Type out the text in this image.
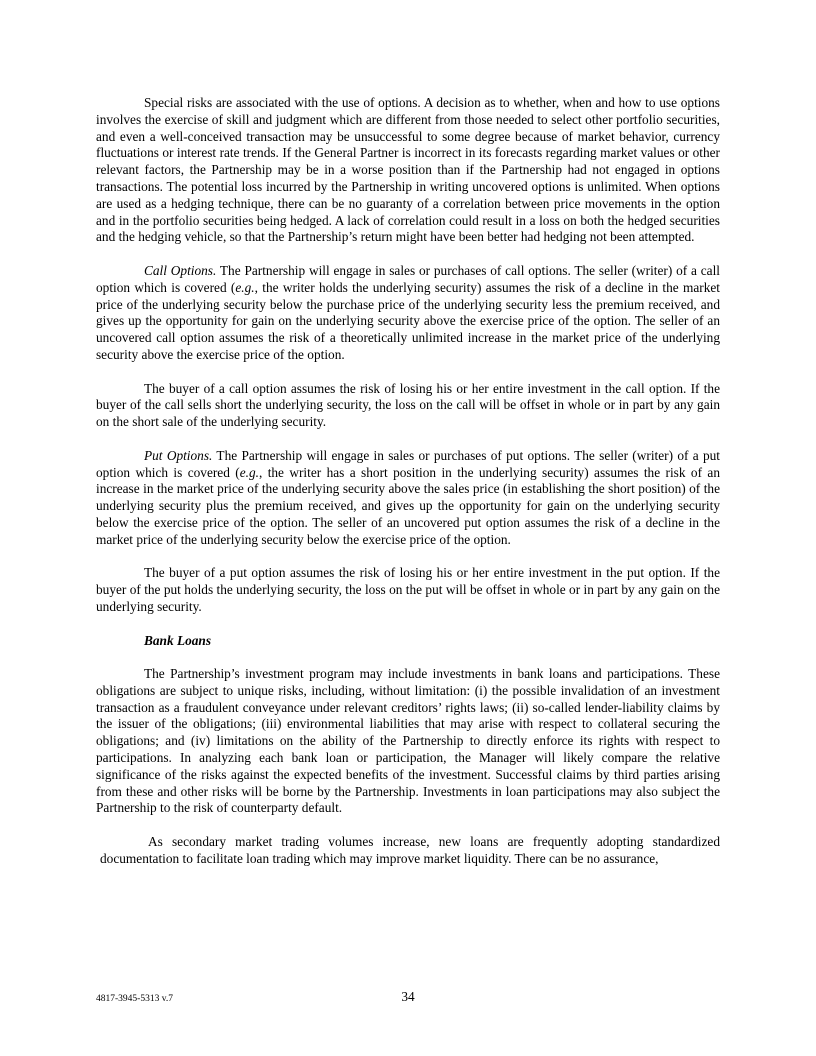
Special risks are associated with the use of options. A decision as to whether, when and how to use options involves the exercise of skill and judgment which are different from those needed to select other portfolio securities, and even a well-conceived transaction may be unsuccessful to some degree because of market behavior, currency fluctuations or interest rate trends. If the General Partner is incorrect in its forecasts regarding market values or other relevant factors, the Partnership may be in a worse position than if the Partnership had not engaged in options transactions. The potential loss incurred by the Partnership in writing uncovered options is unlimited. When options are used as a hedging technique, there can be no guaranty of a correlation between price movements in the option and in the portfolio securities being hedged. A lack of correlation could result in a loss on both the hedged securities and the hedging vehicle, so that the Partnership’s return might have been better had hedging not been attempted.

Call Options. The Partnership will engage in sales or purchases of call options. The seller (writer) of a call option which is covered (e.g., the writer holds the underlying security) assumes the risk of a decline in the market price of the underlying security below the purchase price of the underlying security less the premium received, and gives up the opportunity for gain on the underlying security above the exercise price of the option. The seller of an uncovered call option assumes the risk of a theoretically unlimited increase in the market price of the underlying security above the exercise price of the option.

The buyer of a call option assumes the risk of losing his or her entire investment in the call option. If the buyer of the call sells short the underlying security, the loss on the call will be offset in whole or in part by any gain on the short sale of the underlying security.

Put Options. The Partnership will engage in sales or purchases of put options. The seller (writer) of a put option which is covered (e.g., the writer has a short position in the underlying security) assumes the risk of an increase in the market price of the underlying security above the sales price (in establishing the short position) of the underlying security plus the premium received, and gives up the opportunity for gain on the underlying security below the exercise price of the option. The seller of an uncovered put option assumes the risk of a decline in the market price of the underlying security below the exercise price of the option.

The buyer of a put option assumes the risk of losing his or her entire investment in the put option. If the buyer of the put holds the underlying security, the loss on the put will be offset in whole or in part by any gain on the underlying security.

Bank Loans

The Partnership’s investment program may include investments in bank loans and participations. These obligations are subject to unique risks, including, without limitation: (i) the possible invalidation of an investment transaction as a fraudulent conveyance under relevant creditors’ rights laws; (ii) so-called lender-liability claims by the issuer of the obligations; (iii) environmental liabilities that may arise with respect to collateral securing the obligations; and (iv) limitations on the ability of the Partnership to directly enforce its rights with respect to participations. In analyzing each bank loan or participation, the Manager will likely compare the relative significance of the risks against the expected benefits of the investment. Successful claims by third parties arising from these and other risks will be borne by the Partnership. Investments in loan participations may also subject the Partnership to the risk of counterparty default.

As secondary market trading volumes increase, new loans are frequently adopting standardized documentation to facilitate loan trading which may improve market liquidity. There can be no assurance,

4817-3945-5313 v.7	34
